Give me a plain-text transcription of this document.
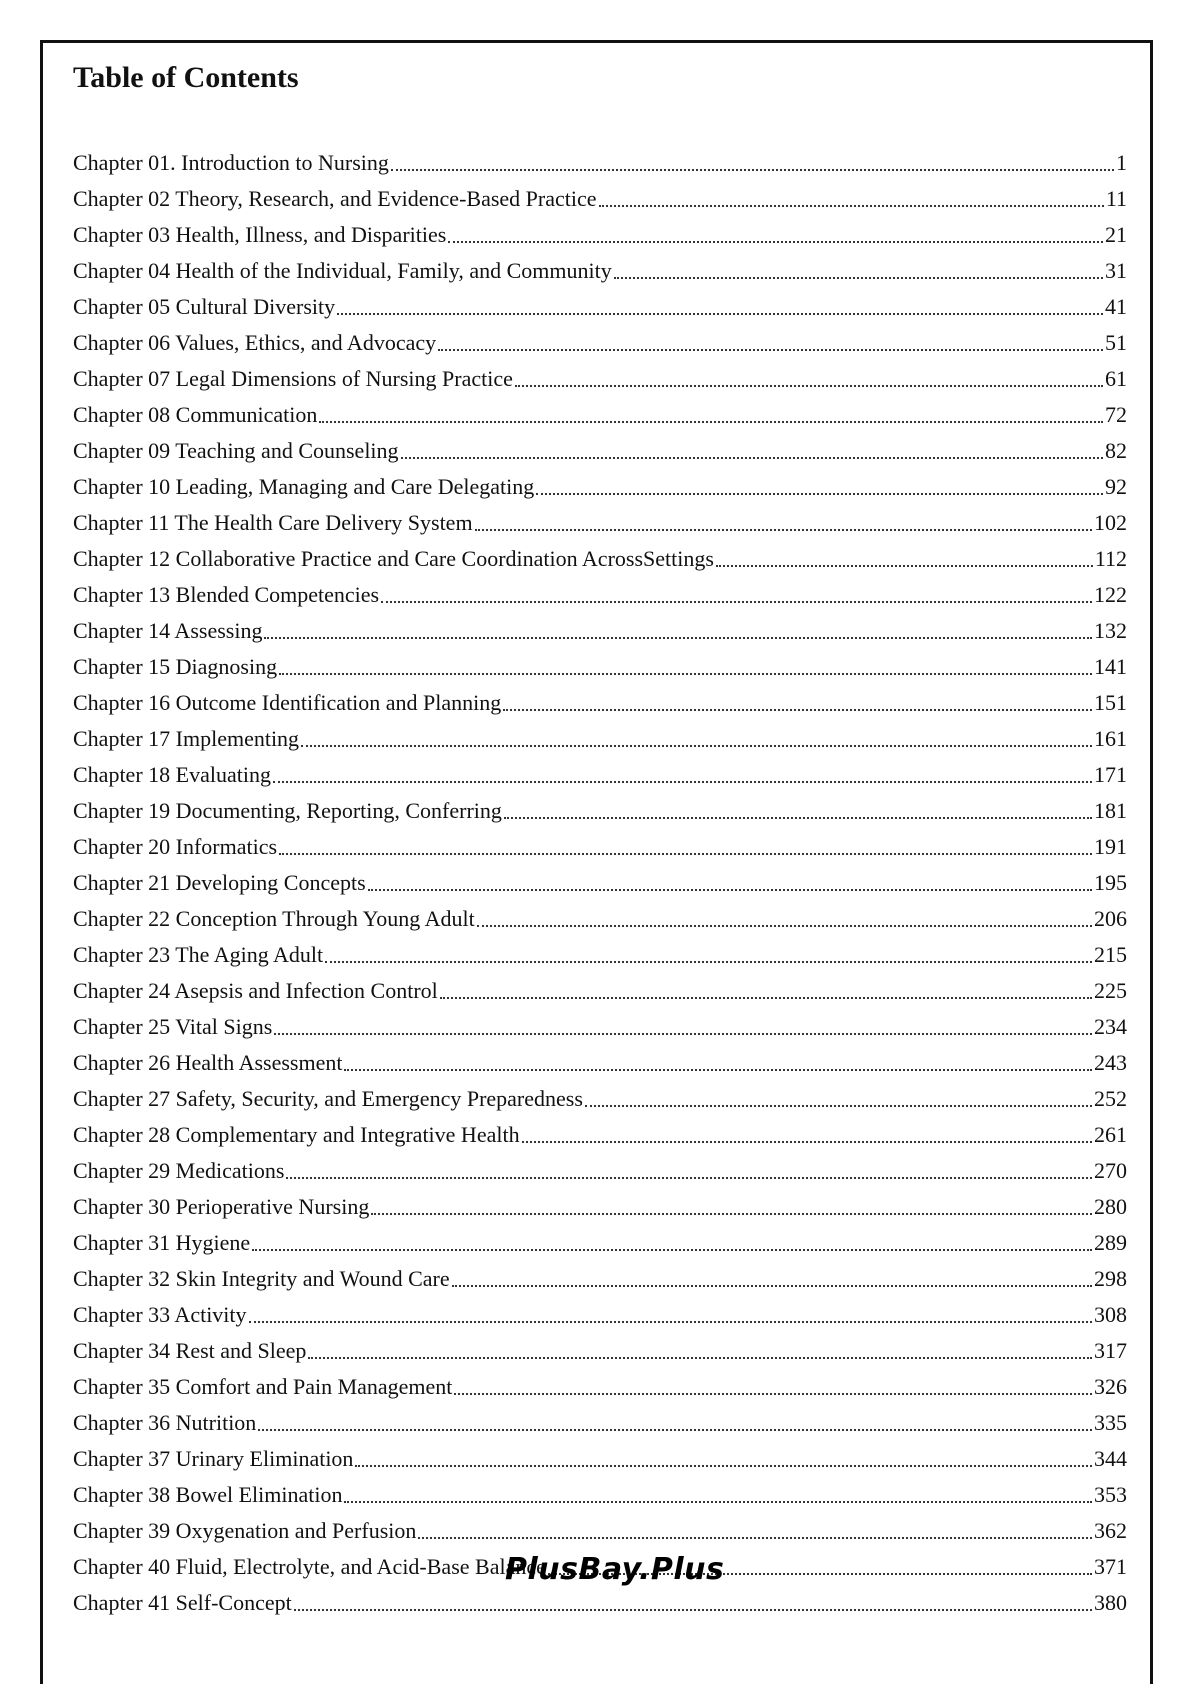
Table of Contents
Chapter 01. Introduction to Nursing	1
Chapter 02 Theory, Research, and Evidence-Based Practice	11
Chapter 03 Health, Illness, and Disparities	21
Chapter 04 Health of the Individual, Family, and Community	31
Chapter 05 Cultural Diversity	41
Chapter 06 Values, Ethics, and Advocacy	51
Chapter 07 Legal Dimensions of Nursing Practice	61
Chapter 08 Communication	72
Chapter 09 Teaching and Counseling	82
Chapter 10 Leading, Managing and Care Delegating	92
Chapter 11 The Health Care Delivery System	102
Chapter 12 Collaborative Practice and Care Coordination AcrossSettings	112
Chapter 13 Blended Competencies	122
Chapter 14 Assessing	132
Chapter 15 Diagnosing	141
Chapter 16 Outcome Identification and Planning	151
Chapter 17 Implementing	161
Chapter 18 Evaluating	171
Chapter 19 Documenting, Reporting, Conferring	181
Chapter 20 Informatics	191
Chapter 21 Developing Concepts	195
Chapter 22 Conception Through Young Adult	206
Chapter 23 The Aging Adult	215
Chapter 24 Asepsis and Infection Control	225
Chapter 25 Vital Signs	234
Chapter 26 Health Assessment	243
Chapter 27 Safety, Security, and Emergency Preparedness	252
Chapter 28 Complementary and Integrative Health	261
Chapter 29 Medications	270
Chapter 30 Perioperative Nursing	280
Chapter 31 Hygiene	289
Chapter 32 Skin Integrity and Wound Care	298
Chapter 33 Activity	308
Chapter 34 Rest and Sleep	317
Chapter 35 Comfort and Pain Management	326
Chapter 36 Nutrition	335
Chapter 37 Urinary Elimination	344
Chapter 38 Bowel Elimination	353
Chapter 39 Oxygenation and Perfusion	362
Chapter 40 Fluid, Electrolyte, and Acid-Base Balance	371
Chapter 41 Self-Concept	380
PlusBay.Plus
